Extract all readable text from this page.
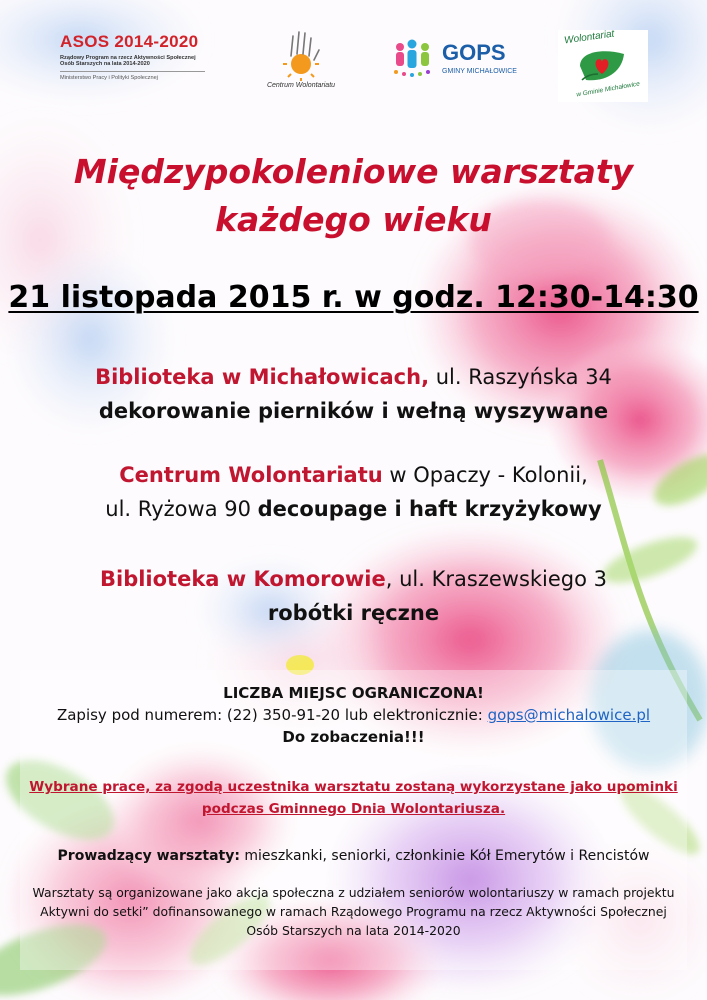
ASOS 2014-2020
Rządowy Program na rzecz Aktywności Społecznej
Osób Starszych na lata 2014-2020
Ministerstwo Pracy i Polityki Społecznej
Centrum Wolontariatu
GOPS
GMINY MICHAŁOWICE
Wolontariat
w Gminie Michałowice
Międzypokoleniowe warsztaty
każdego wieku
21 listopada 2015 r. w godz. 12:30-14:30
Biblioteka w Michałowicach, ul. Raszyńska 34
dekorowanie pierników i wełną wyszywane
Centrum Wolontariatu w Opaczy - Kolonii,
ul. Ryżowa 90 decoupage i haft krzyżykowy
Biblioteka w Komorowie, ul. Kraszewskiego 3
robótki ręczne
LICZBA MIEJSC OGRANICZONA!
Zapisy pod numerem: (22) 350-91-20 lub elektronicznie: gops@michalowice.pl
Do zobaczenia!!!
Wybrane prace, za zgodą uczestnika warsztatu zostaną wykorzystane jako upominki
podczas Gminnego Dnia Wolontariusza.
Prowadzący warsztaty: mieszkanki, seniorki, członkinie Kół Emerytów i Rencistów
Warsztaty są organizowane jako akcja społeczna z udziałem seniorów wolontariuszy w ramach projektu
Aktywni do setki” dofinansowanego w ramach Rządowego Programu na rzecz Aktywności Społecznej
Osób Starszych na lata 2014-2020
